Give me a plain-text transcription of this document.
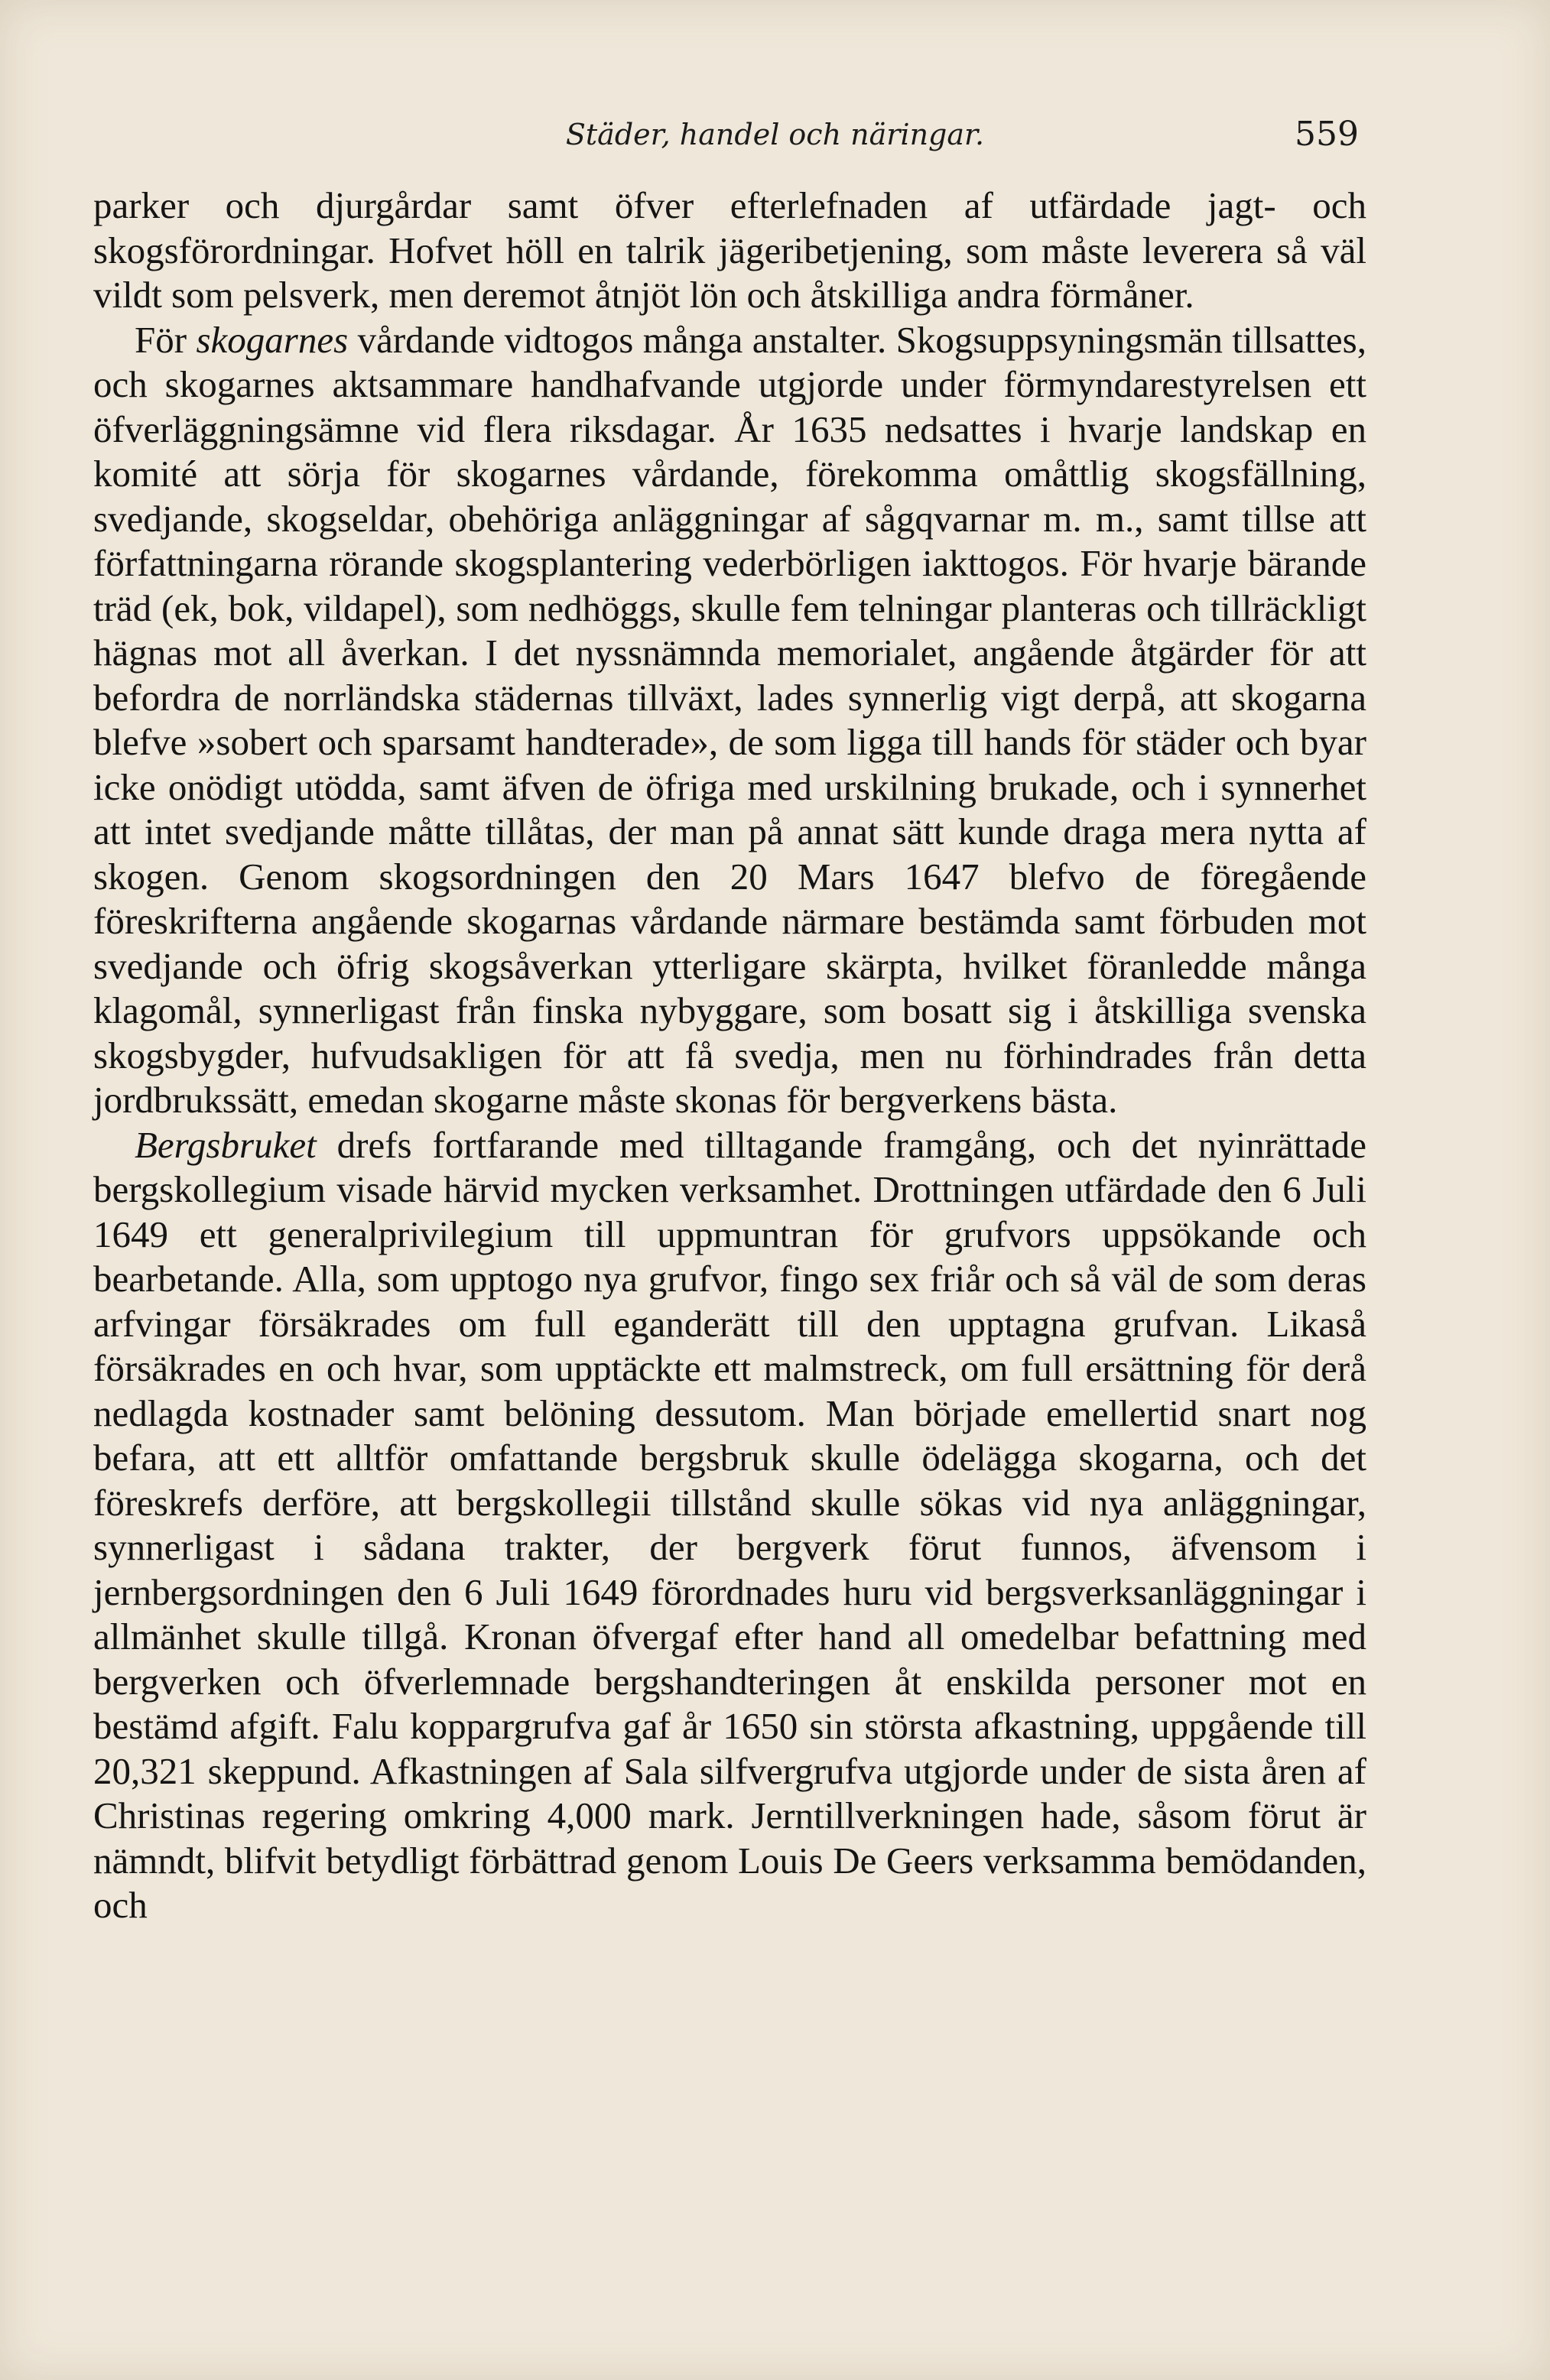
Städer, handel och näringar.	559

parker och djurgårdar samt öfver efterlefnaden af utfärdade jagt- och skogsförordningar. Hofvet höll en talrik jägeribetjening, som måste leverera så väl vildt som pelsverk, men deremot åtnjöt lön och åtskilliga andra förmåner.

För skogarnes vårdande vidtogos många anstalter. Skogsuppsyningsmän tillsattes, och skogarnes aktsammare handhafvande utgjorde under förmyndarestyrelsen ett öfverläggningsämne vid flera riksdagar. År 1635 nedsattes i hvarje landskap en komité att sörja för skogarnes vårdande, förekomma omåttlig skogsfällning, svedjande, skogseldar, obehöriga anläggningar af sågqvarnar m. m., samt tillse att författningarna rörande skogsplantering vederbörligen iakttogos. För hvarje bärande träd (ek, bok, vildapel), som nedhöggs, skulle fem telningar planteras och tillräckligt hägnas mot all åverkan. I det nyssnämnda memorialet, angående åtgärder för att befordra de norrländska städernas tillväxt, lades synnerlig vigt derpå, att skogarna blefve »sobert och sparsamt handterade», de som ligga till hands för städer och byar icke onödigt utödda, samt äfven de öfriga med urskilning brukade, och i synnerhet att intet svedjande måtte tillåtas, der man på annat sätt kunde draga mera nytta af skogen. Genom skogsordningen den 20 Mars 1647 blefvo de föregående föreskrifterna angående skogarnas vårdande närmare bestämda samt förbuden mot svedjande och öfrig skogsåverkan ytterligare skärpta, hvilket föranledde många klagomål, synnerligast från finska nybyggare, som bosatt sig i åtskilliga svenska skogsbygder, hufvudsakligen för att få svedja, men nu förhindrades från detta jordbrukssätt, emedan skogarne måste skonas för bergverkens bästa.

Bergsbruket drefs fortfarande med tilltagande framgång, och det nyinrättade bergskollegium visade härvid mycken verksamhet. Drottningen utfärdade den 6 Juli 1649 ett generalprivilegium till uppmuntran för grufvors uppsökande och bearbetande. Alla, som upptogo nya grufvor, fingo sex friår och så väl de som deras arfvingar försäkrades om full eganderätt till den upptagna grufvan. Likaså försäkrades en och hvar, som upptäckte ett malmstreck, om full ersättning för derå nedlagda kostnader samt belöning dessutom. Man började emellertid snart nog befara, att ett alltför omfattande bergsbruk skulle ödelägga skogarna, och det föreskrefs derföre, att bergskollegii tillstånd skulle sökas vid nya anläggningar, synnerligast i sådana trakter, der bergverk förut funnos, äfvensom i jernbergsordningen den 6 Juli 1649 förordnades huru vid bergsverksanläggningar i allmänhet skulle tillgå. Kronan öfvergaf efter hand all omedelbar befattning med bergverken och öfverlemnade bergshandteringen åt enskilda personer mot en bestämd afgift. Falu koppargrufva gaf år 1650 sin största afkastning, uppgående till 20,321 skeppund. Afkastningen af Sala silfvergrufva utgjorde under de sista åren af Christinas regering omkring 4,000 mark. Jerntillverkningen hade, såsom förut är nämndt, blifvit betydligt förbättrad genom Louis De Geers verksamma bemödanden, och
